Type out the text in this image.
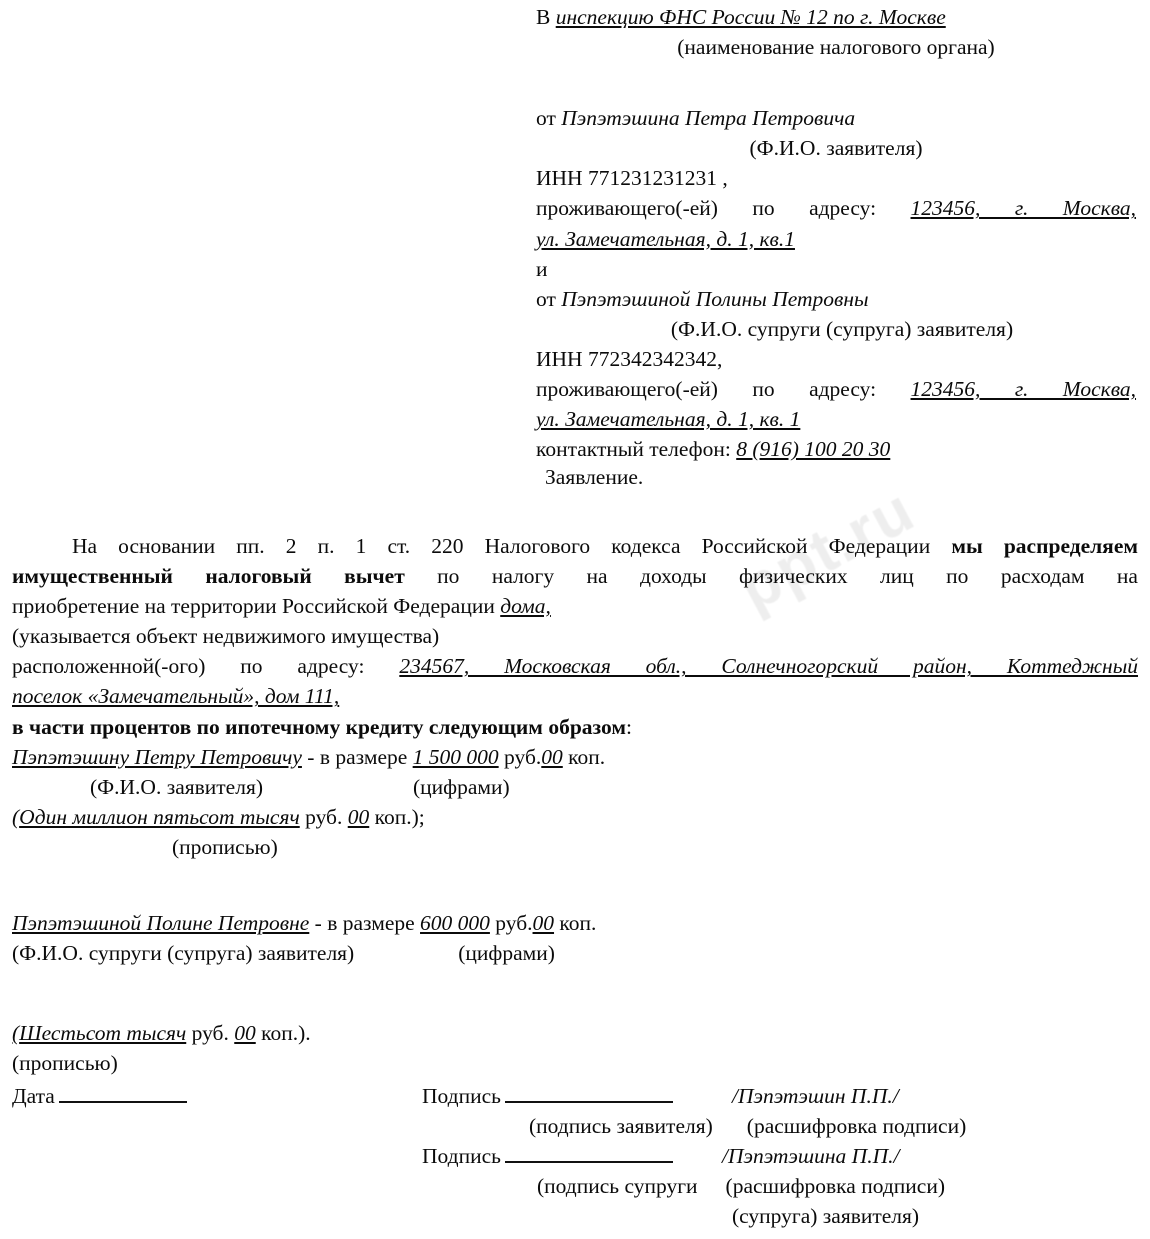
ppt.ru
В инспекцию ФНС России № 12 по г. Москве
(наименование налогового органа)
от Пэпэтэшина Петра Петровича
(Ф.И.О. заявителя)
ИНН 771231231231 ,
проживающего(-ей) по адресу: 123456, г. Москва,
ул. Замечательная, д. 1, кв.1
и
от Пэпэтэшиной Полины Петровны
(Ф.И.О. супруги (супруга) заявителя)
ИНН 772342342342,
проживающего(-ей) по адресу: 123456, г. Москва,
ул. Замечательная, д. 1, кв. 1
контактный телефон: 8 (916) 100 20 30
Заявление.
На основании пп. 2 п. 1 ст. 220 Налогового кодекса Российской Федерации мы распределяем
имущественный налоговый вычет по налогу на доходы физических лиц по расходам на
приобретение на территории Российской Федерации дома,
(указывается объект недвижимого имущества)
расположенной(-ого) по адресу: 234567, Московская обл., Солнечногорский район, Коттеджный
поселок «Замечательный», дом 111,
в части процентов по ипотечному кредиту следующим образом:
Пэпэтэшину Петру Петровичу - в размере 1 500 000 руб.00 коп.
(Ф.И.О. заявителя)	(цифрами)
(Один миллион пятьсот тысяч руб. 00 коп.);
(прописью)
Пэпэтэшиной Полине Петровне - в размере 600 000 руб.00 коп.
(Ф.И.О. супруги (супруга) заявителя)	(цифрами)
(Шестьсот тысяч руб. 00 коп.).
(прописью)
Дата	Подпись	/Пэпэтэшин П.П./
(подпись заявителя) (расшифровка подписи)
Подпись	/Пэпэтэшина П.П./
(подпись супруги (расшифровка подписи)
(супруга) заявителя)
